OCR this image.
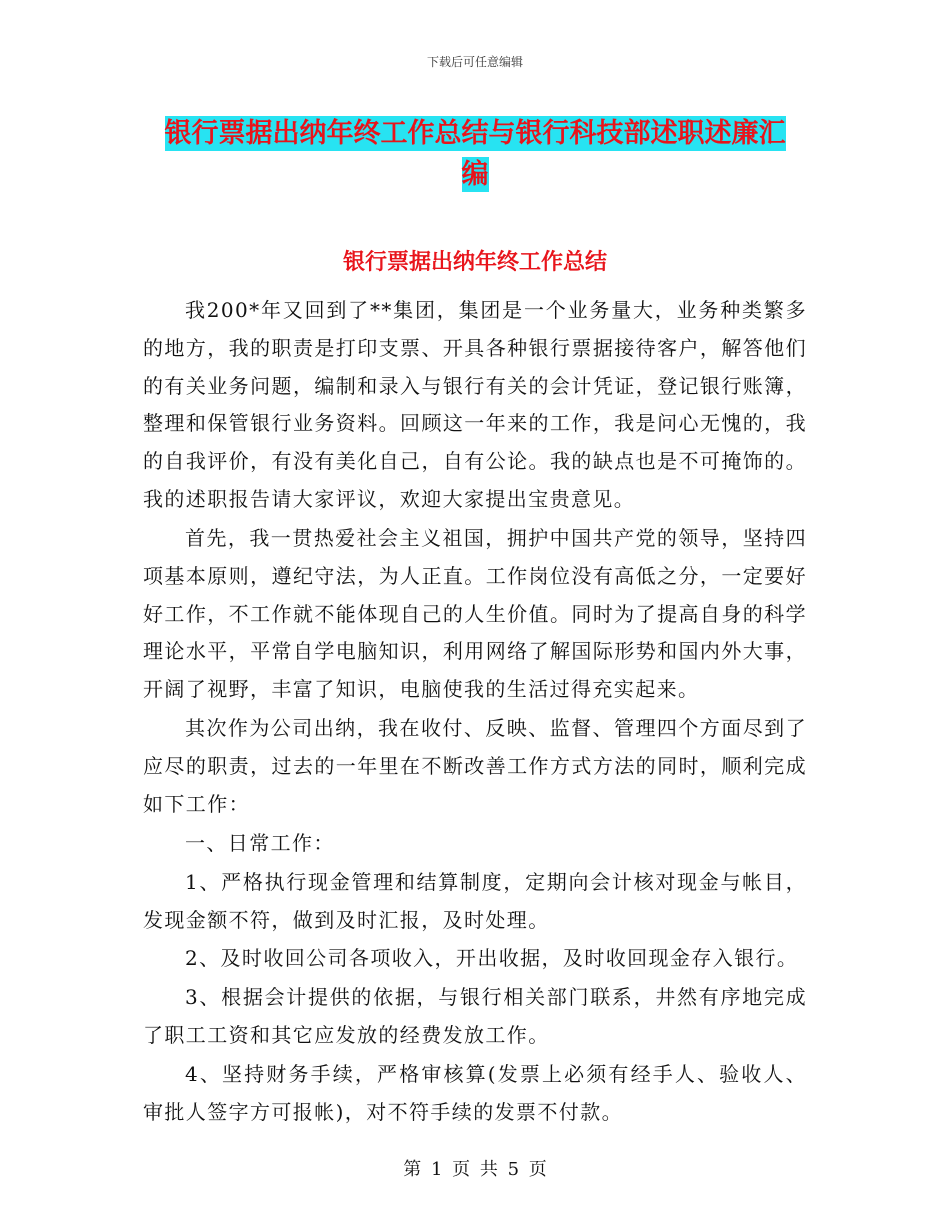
下载后可任意编辑
银行票据出纳年终工作总结与银行科技部述职述廉汇
编
银行票据出纳年终工作总结

我200*年又回到了**集团，集团是一个业务量大，业务种类繁多的地方，我的职责是打印支票、开具各种银行票据接待客户，解答他们的有关业务问题，编制和录入与银行有关的会计凭证，登记银行账簿，整理和保管银行业务资料。回顾这一年来的工作，我是问心无愧的，我的自我评价，有没有美化自己，自有公论。我的缺点也是不可掩饰的。我的述职报告请大家评议，欢迎大家提出宝贵意见。

首先，我一贯热爱社会主义祖国，拥护中国共产党的领导，坚持四项基本原则，遵纪守法，为人正直。工作岗位没有高低之分，一定要好好工作，不工作就不能体现自己的人生价值。同时为了提高自身的科学理论水平，平常自学电脑知识，利用网络了解国际形势和国内外大事，开阔了视野，丰富了知识，电脑使我的生活过得充实起来。

其次作为公司出纳，我在收付、反映、监督、管理四个方面尽到了应尽的职责，过去的一年里在不断改善工作方式方法的同时，顺利完成如下工作：

一、日常工作：

1、严格执行现金管理和结算制度，定期向会计核对现金与帐目，发现金额不符，做到及时汇报，及时处理。

2、及时收回公司各项收入，开出收据，及时收回现金存入银行。

3、根据会计提供的依据，与银行相关部门联系，井然有序地完成了职工工资和其它应发放的经费发放工作。

4、坚持财务手续，严格审核算(发票上必须有经手人、验收人、审批人签字方可报帐)，对不符手续的发票不付款。

第 1 页 共 5 页
